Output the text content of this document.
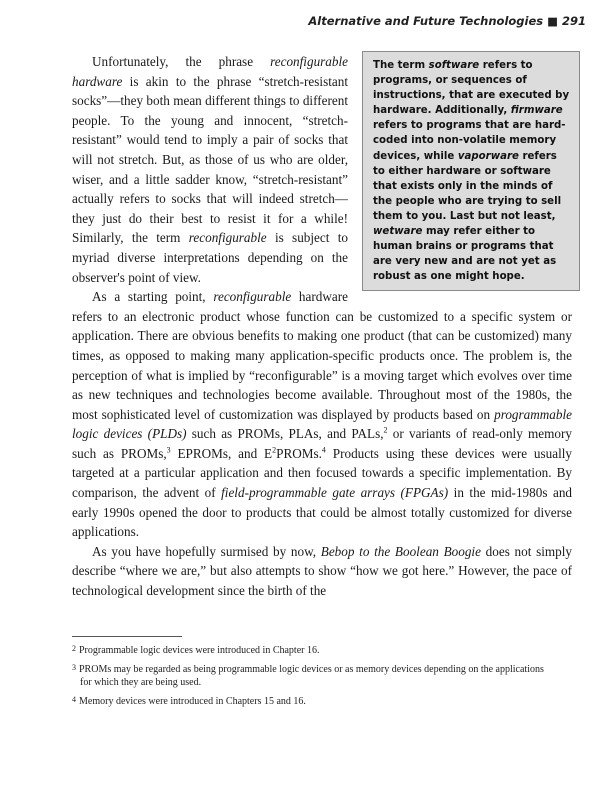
Alternative and Future Technologies ■ 291
The term software refers to programs, or sequences of instructions, that are executed by hardware. Additionally, firmware refers to programs that are hard-coded into non-volatile memory devices, while vaporware refers to either hardware or software that exists only in the minds of the people who are trying to sell them to you. Last but not least, wetware may refer either to human brains or programs that are very new and are not yet as robust as one might hope.

Unfortunately, the phrase reconfigurable hardware is akin to the phrase “stretch-resistant socks”—they both mean different things to different people. To the young and innocent, “stretch-resistant” would tend to imply a pair of socks that will not stretch. But, as those of us who are older, wiser, and a little sadder know, “stretch-resistant” actually refers to socks that will indeed stretch—they just do their best to resist it for a while! Similarly, the term reconfigurable is subject to myriad diverse interpretations depending on the observer's point of view.

As a starting point, reconfigurable hardware refers to an electronic product whose function can be customized to a specific system or application. There are obvious benefits to making one product (that can be customized) many times, as opposed to making many application-specific products once. The problem is, the perception of what is implied by “reconfigurable” is a moving target which evolves over time as new techniques and technologies become available. Throughout most of the 1980s, the most sophisticated level of customization was displayed by products based on programmable logic devices (PLDs) such as PROMs, PLAs, and PALs,$^2$ or variants of read-only memory such as PROMs,$^3$ EPROMs, and $E^2PROMs.^4$ Products using these devices were usually targeted at a particular application and then focused towards a specific implementation. By comparison, the advent of field-programmable gate arrays (FPGAs) in the mid-1980s and early 1990s opened the door to products that could be almost totally customized for diverse applications.

As you have hopefully surmised by now, Bebop to the Boolean Boogie does not simply describe “where we are,” but also attempts to show “how we got here.” However, the pace of technological development since the birth of the

$^2$ Programmable logic devices were introduced in Chapter 16.
$^3$ PROMs may be regarded as being programmable logic devices or as memory devices depending on the applications for which they are being used.
$^4$ Memory devices were introduced in Chapters 15 and 16.
